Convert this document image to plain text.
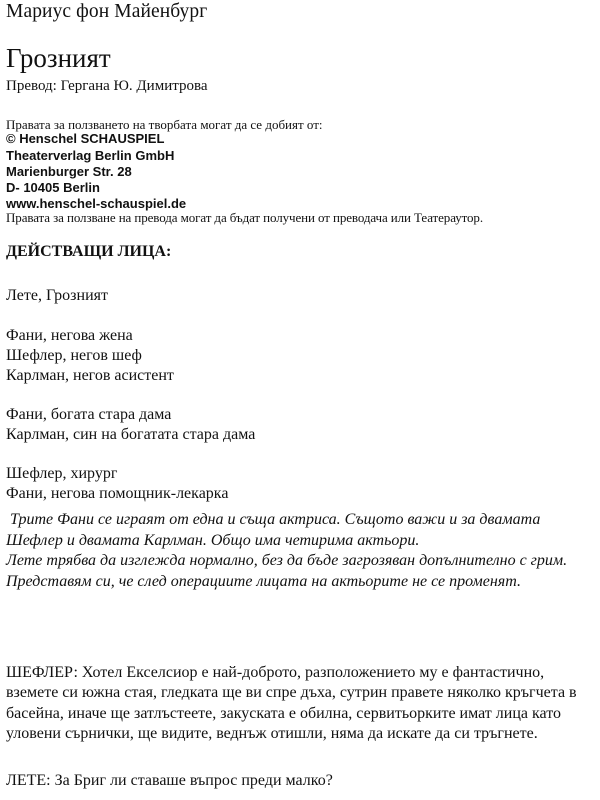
Мариус фон Майенбург
Грозният
Превод: Гергана Ю. Димитрова
Правата за ползването на творбата могат да се добият от:
© Henschel SCHAUSPIEL
Theaterverlag Berlin GmbH
Marienburger Str. 28
D- 10405 Berlin
www.henschel-schauspiel.de
Правата за ползване на превода могат да бъдат получени от преводача или Театераутор.
ДЕЙСТВАЩИ ЛИЦА:
Лете, Грозният
Фани, негова жена
Шефлер, негов шеф
Карлман, негов асистент
Фани, богата стара дама
Карлман, син на богатата стара дама
Шефлер, хирург
Фани, негова помощник-лекарка

Трите Фани се играят от една и съща актриса. Същото важи и за двамата Шефлер и двамата Карлман. Общо има четирима актьори.

Лете трябва да изглежда нормално, без да бъде загрозяван допълнително с грим.

Представям си, че след операциите лицата на актьорите не се променят.

ШЕФЛЕР: Хотел Екселсиор е най-доброто, разположението му е фантастично, вземете си южна стая, гледката ще ви спре дъха, сутрин правете няколко кръгчета в басейна, иначе ще затлъстеете, закуската е обилна, сервитьорките имат лица като уловени сърнички, ще видите, веднъж отишли, няма да искате да си тръгнете.

ЛЕТЕ: За Бриг ли ставаше въпрос преди малко?
